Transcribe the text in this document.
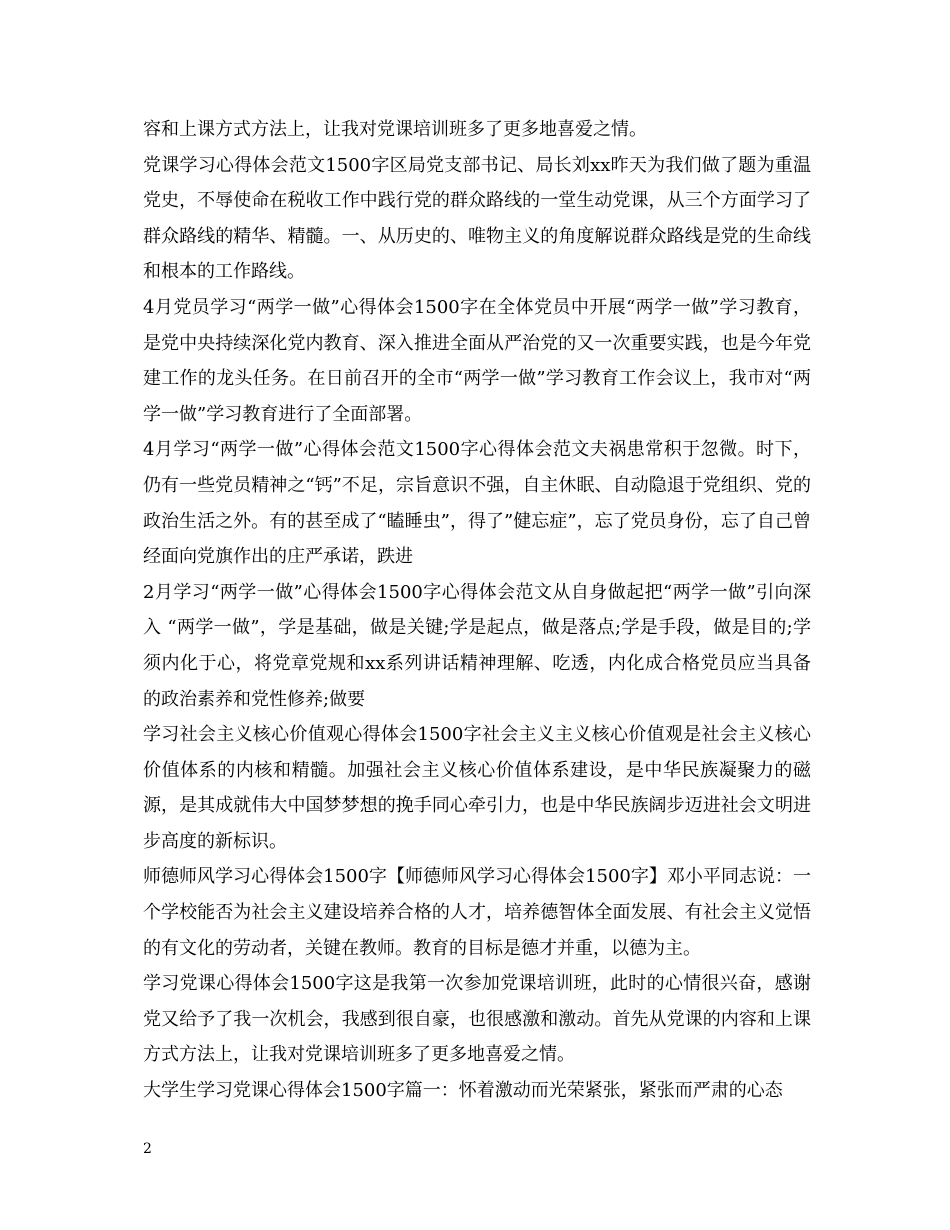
容和上课方式方法上，让我对党课培训班多了更多地喜爱之情。

党课学习心得体会范文1500字区局党支部书记、局长刘xx昨天为我们做了题为重温党史，不辱使命在税收工作中践行党的群众路线的一堂生动党课，从三个方面学习了群众路线的精华、精髓。一、从历史的、唯物主义的角度解说群众路线是党的生命线和根本的工作路线。

4月党员学习“两学一做”心得体会1500字在全体党员中开展“两学一做”学习教育，是党中央持续深化党内教育、深入推进全面从严治党的又一次重要实践，也是今年党建工作的龙头任务。在日前召开的全市“两学一做”学习教育工作会议上，我市对“两学一做”学习教育进行了全面部署。

4月学习“两学一做”心得体会范文1500字心得体会范文夫祸患常积于忽微。时下，仍有一些党员精神之“钙”不足，宗旨意识不强，自主休眠、自动隐退于党组织、党的政治生活之外。有的甚至成了“瞌睡虫”，得了”健忘症”，忘了党员身份，忘了自己曾经面向党旗作出的庄严承诺，跌进

2月学习“两学一做”心得体会1500字心得体会范文从自身做起把“两学一做”引向深入 “两学一做”，学是基础，做是关键;学是起点，做是落点;学是手段，做是目的;学须内化于心，将党章党规和xx系列讲话精神理解、吃透，内化成合格党员应当具备的政治素养和党性修养;做要

学习社会主义核心价值观心得体会1500字社会主义主义核心价值观是社会主义核心价值体系的内核和精髓。加强社会主义核心价值体系建设，是中华民族凝聚力的磁源，是其成就伟大中国梦梦想的挽手同心牵引力，也是中华民族阔步迈进社会文明进步高度的新标识。

师德师风学习心得体会1500字【师德师风学习心得体会1500字】邓小平同志说：一个学校能否为社会主义建设培养合格的人才，培养德智体全面发展、有社会主义觉悟的有文化的劳动者，关键在教师。教育的目标是德才并重，以德为主。

学习党课心得体会1500字这是我第一次参加党课培训班，此时的心情很兴奋，感谢党又给予了我一次机会，我感到很自豪，也很感激和激动。首先从党课的内容和上课方式方法上，让我对党课培训班多了更多地喜爱之情。

大学生学习党课心得体会1500字篇一：怀着激动而光荣紧张，紧张而严肃的心态

2
